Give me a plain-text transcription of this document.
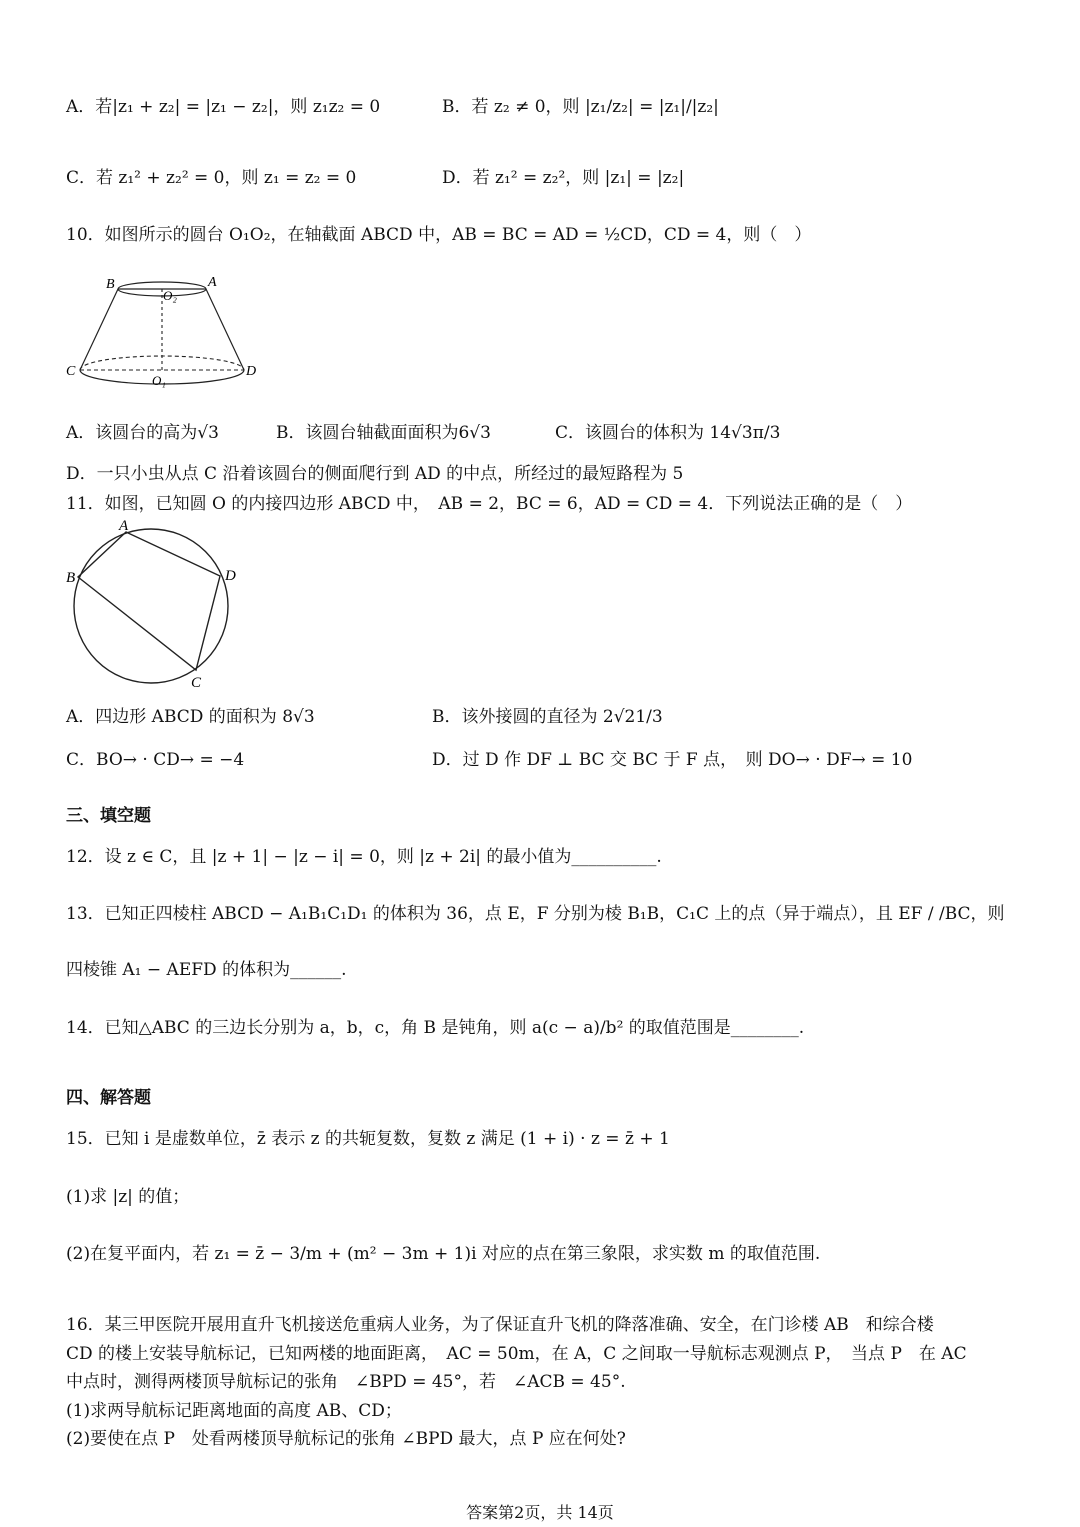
A．若|z₁ + z₂| = |z₁ − z₂|，则 z₁z₂ = 0	B．若 z₂ ≠ 0，则 |z₁/z₂| = |z₁|/|z₂|
C．若 z₁² + z₂² = 0，则 z₁ = z₂ = 0	D．若 z₁² = z₂²，则 |z₁| = |z₂|
10．如图所示的圆台 O₁O₂，在轴截面 ABCD 中，AB = BC = AD = ½CD，CD = 4，则（　）
B	A
O₂
C
O₁
D
A．该圆台的高为√3	B．该圆台轴截面面积为6√3	C．该圆台的体积为 14√3π/3
D．一只小虫从点 C 沿着该圆台的侧面爬行到 AD 的中点，所经过的最短路程为 5
11．如图，已知圆 O 的内接四边形 ABCD 中，　AB = 2，BC = 6，AD = CD = 4．下列说法正确的是（　）
A
B
C
D
A．四边形 ABCD 的面积为 8√3	B．该外接圆的直径为 2√21/3
C．BO→ · CD→ = −4	D．过 D 作 DF ⊥ BC 交 BC 于 F 点，　则 DO→ · DF→ = 10
三、填空题
12．设 z ∈ C，且 |z + 1| − |z − i| = 0，则 |z + 2i| 的最小值为__________.
13．已知正四棱柱 ABCD − A₁B₁C₁D₁ 的体积为 36，点 E，F 分别为棱 B₁B，C₁C 上的点（异于端点），且 EF / /BC，则
四棱锥 A₁ − AEFD 的体积为______.
14．已知△ABC 的三边长分别为 a，b，c，角 B 是钝角，则 a(c − a)/b² 的取值范围是________.
四、解答题
15．已知 i 是虚数单位，z̄ 表示 z 的共轭复数，复数 z 满足 (1 + i) · z = z̄ + 1
(1)求 |z| 的值；
(2)在复平面内，若 z₁ = z̄ − 3/m + (m² − 3m + 1)i 对应的点在第三象限，求实数 m 的取值范围.
16．某三甲医院开展用直升飞机接送危重病人业务，为了保证直升飞机的降落准确、安全，在门诊楼 AB　和综合楼
CD 的楼上安装导航标记，已知两楼的地面距离，　AC = 50m，在 A，C 之间取一导航标志观测点 P，　当点 P　在 AC
中点时，测得两楼顶导航标记的张角　∠BPD = 45°，若　∠ACB = 45°.
(1)求两导航标记距离地面的高度 AB、CD；
(2)要使在点 P　处看两楼顶导航标记的张角 ∠BPD 最大，点 P 应在何处?
答案第2页，共 14页
